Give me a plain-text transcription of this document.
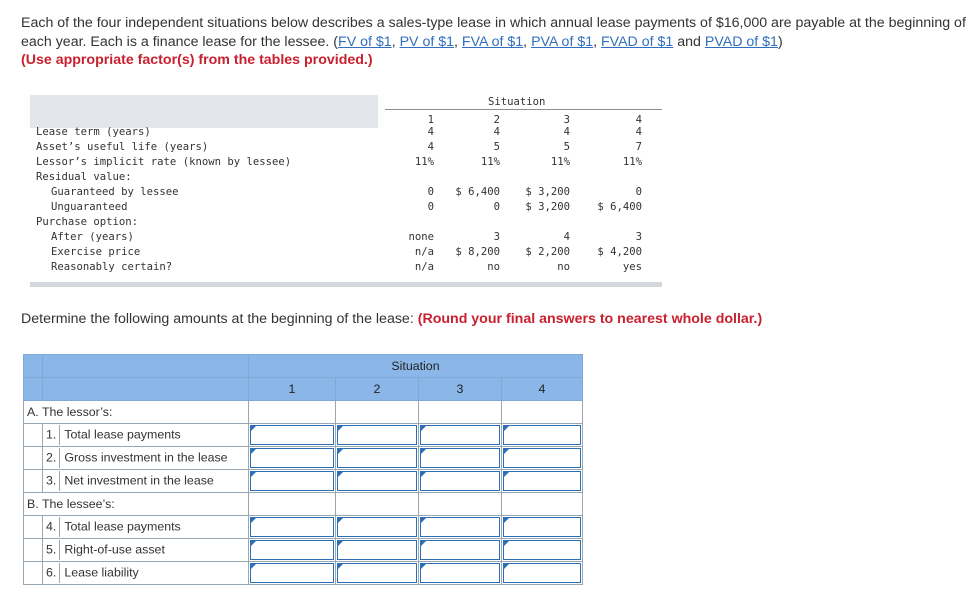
Each of the four independent situations below describes a sales-type lease in which annual lease payments of $16,000 are payable at the beginning of each year. Each is a finance lease for the lessee. (FV of $1, PV of $1, FVA of $1, PVA of $1, FVAD of $1 and PVAD of $1)
(Use appropriate factor(s) from the tables provided.)
Situation
1	2	3	4
Lease term (years)	4	4	4	4
Asset’s useful life (years)	4	5	5	7
Lessor’s implicit rate (known by lessee)	11%	11%	11%	11%
Residual value:
Guaranteed by lessee	0	$ 6,400	$ 3,200	0
Unguaranteed	0	0	$ 3,200	$ 6,400
Purchase option:
After (years)	none	3	4	3
Exercise price	n/a	$ 8,200	$ 2,200	$ 4,200
Reasonably certain?	n/a	no	no	yes
Determine the following amounts at the beginning of the lease: (Round your final answers to nearest whole dollar.)
		Situation			
		1	2	3	4
A. The lessor’s:					
	1. Total lease payments	

	2. Gross investment in the lease	

	3. Net investment in the lease	

B. The lessee’s:					
	4. Total lease payments	

	5. Right-of-use asset	

	6. Lease liability	
